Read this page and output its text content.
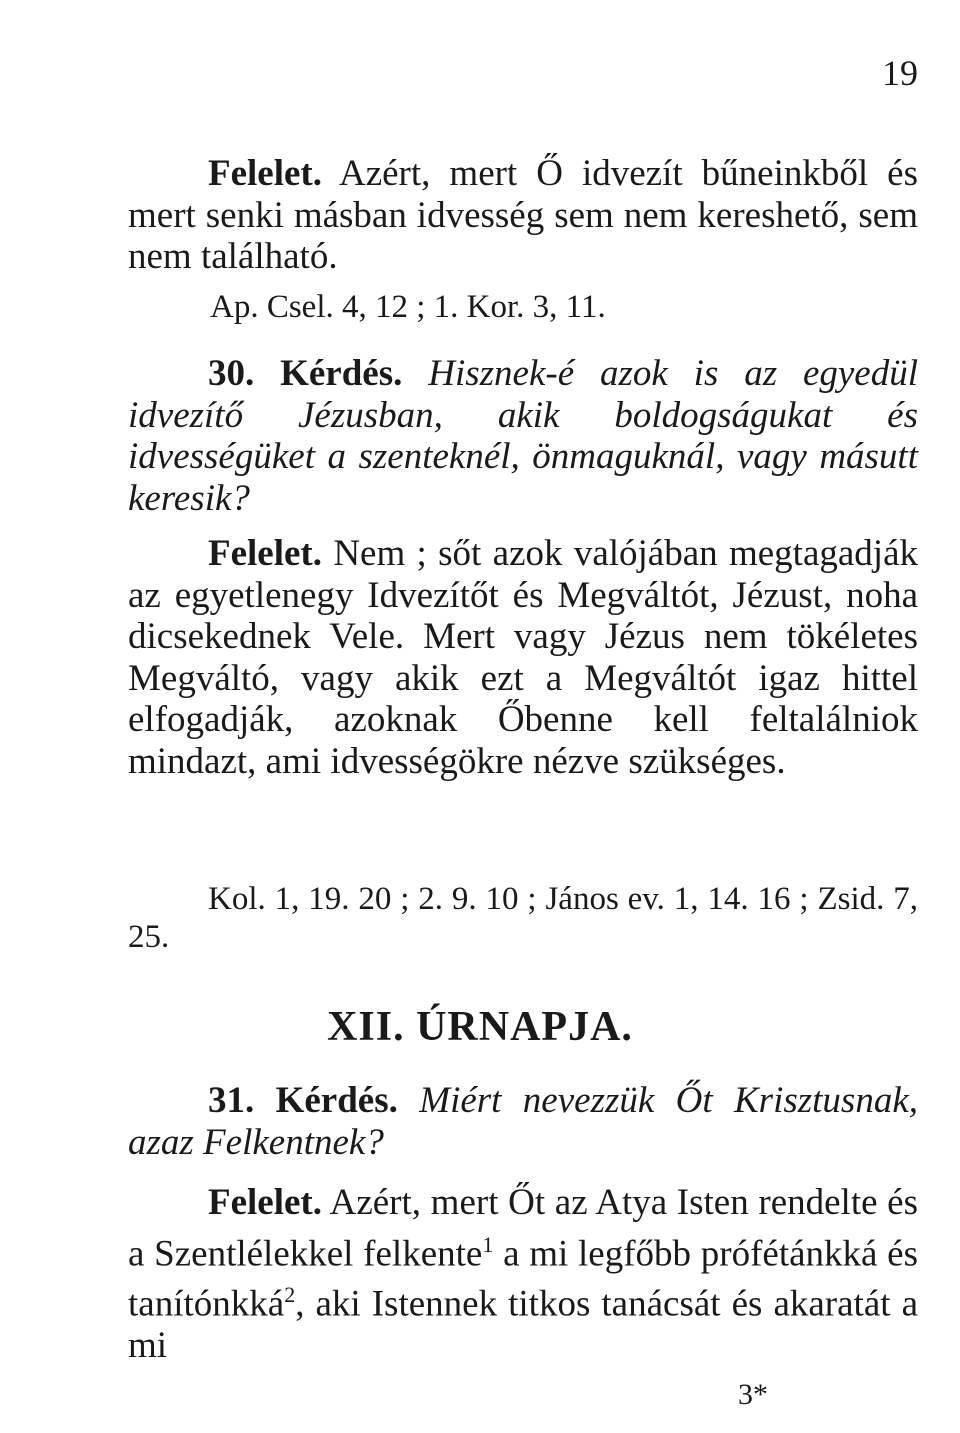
19
Felelet. Azért, mert Ő idvezít bűneinkből és mert senki másban idvesség sem nem kereshető, sem nem található.
Ap. Csel. 4, 12 ; 1. Kor. 3, 11.
30. Kérdés. Hisznek-é azok is az egyedül idvezítő Jézusban, akik boldogságukat és idvességüket a szenteknél, önmaguknál, vagy másutt keresik?
Felelet. Nem ; sőt azok valójában megtagadják az egyetlenegy Idvezítőt és Megváltót, Jézust, noha dicsekednek Vele. Mert vagy Jézus nem tökéletes Megváltó, vagy akik ezt a Megváltót igaz hittel elfogadják, azoknak Őbenne kell feltalálniok mindazt, ami idvességökre nézve szükséges.
Kol. 1, 19. 20 ; 2. 9. 10 ; János ev. 1, 14. 16 ; Zsid. 7, 25.
XII. ÚRNAPJA.
31. Kérdés. Miért nevezzük Őt Krisztusnak, azaz Felkentnek?
Felelet. Azért, mert Őt az Atya Isten rendelte és a Szentlélekkel felkente$^1$ a mi legfőbb prófétánkká és tanítónkká$^2$, aki Istennek titkos tanácsát és akaratát a mi
3*
